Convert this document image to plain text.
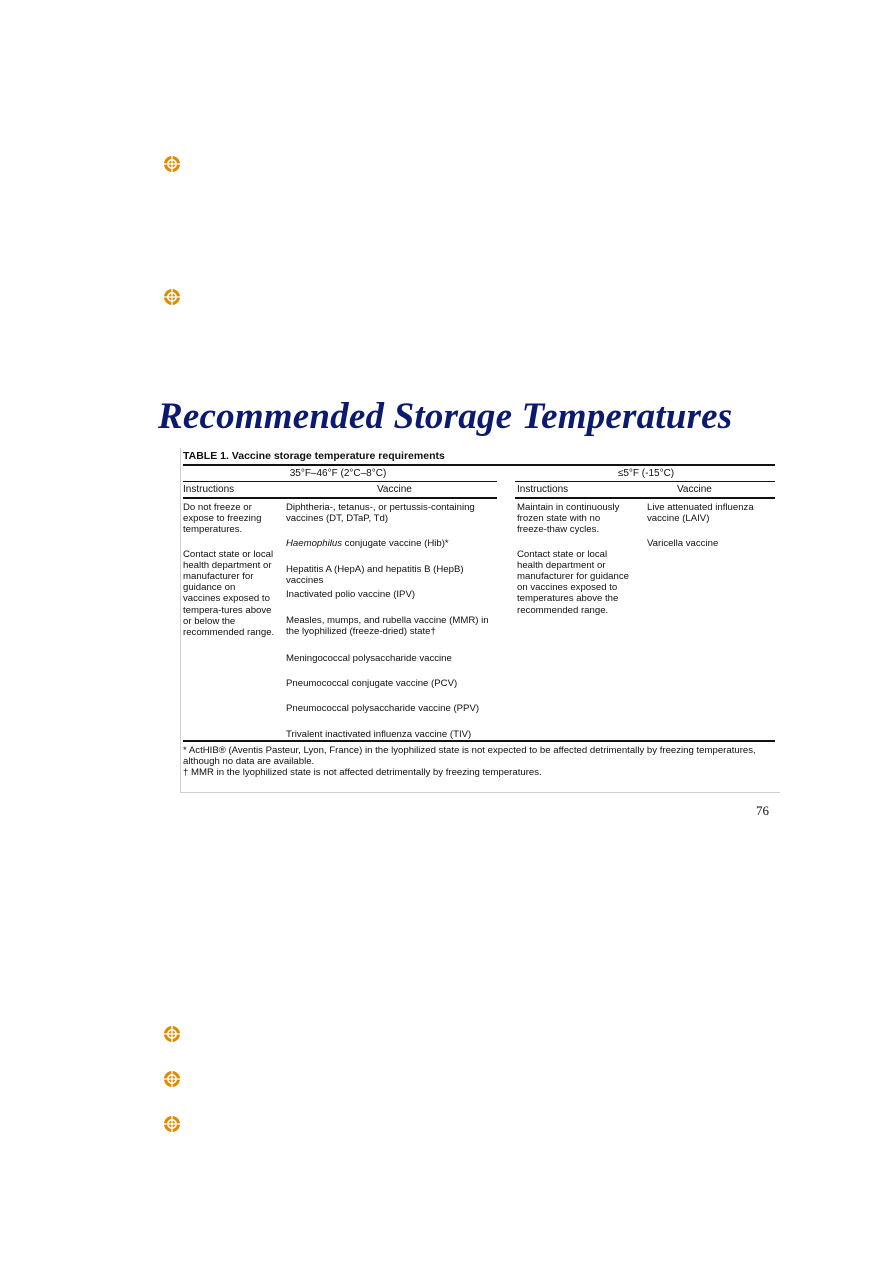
Recommended Storage Temperatures
TABLE 1. Vaccine storage temperature requirements
35°F–46°F (2°C–8°C)
Instructions	Vaccine
≤5°F (-15°C)
Instructions	Vaccine

Do not freeze or expose to freezing temperatures.

Contact state or local health department or manufacturer for guidance on vaccines exposed to tempera-tures above or below the recommended range.

Diphtheria-, tetanus-, or pertussis-containing vaccines (DT, DTaP, Td)
Haemophilus conjugate vaccine (Hib)*
Hepatitis A (HepA) and hepatitis B (HepB) vaccines
Inactivated polio vaccine (IPV)
Measles, mumps, and rubella vaccine (MMR) in the lyophilized (freeze-dried) state†
Meningococcal polysaccharide vaccine
Pneumococcal conjugate vaccine (PCV)
Pneumococcal polysaccharide vaccine (PPV)
Trivalent inactivated influenza vaccine (TIV)

Maintain in continuously frozen state with no freeze-thaw cycles.

Contact state or local health department or manufacturer for guidance on vaccines exposed to temperatures above the recommended range.

Live attenuated influenza vaccine (LAIV)
Varicella vaccine
* ActHIB® (Aventis Pasteur, Lyon, France) in the lyophilized state is not expected to be affected detrimentally by freezing temperatures, although no data are available.
† MMR in the lyophilized state is not affected detrimentally by freezing temperatures.
76
